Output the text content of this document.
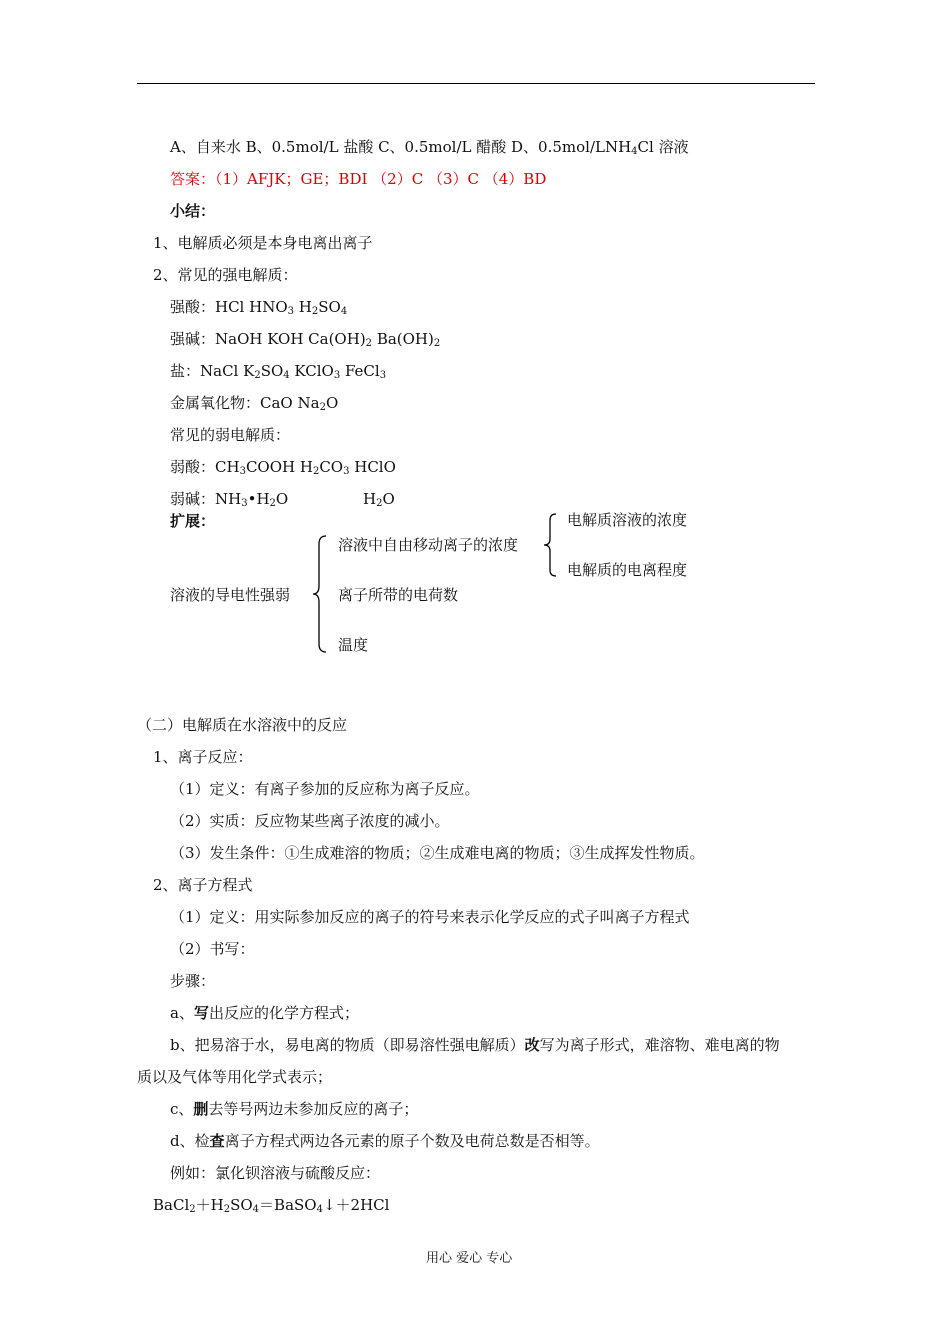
A、自来水 B、0.5mol/L 盐酸 C、0.5mol/L 醋酸 D、$0.5mol/LNH_4Cl$ 溶液
答案：（1）AFJK；GE；BDI （2）C （3）C （4）BD
小结：
1、电解质必须是本身电离出离子
2、常见的强电解质：
强酸：HCl $HNO_3$ $H_2SO_4$
强碱：NaOH KOH $Ca(OH)_2$ $Ba(OH)_2$
盐：NaCl $K_2SO_4$ KClO$_3$ FeCl$_3$
金属氧化物：CaO $Na_2O$
常见的弱电解质：
弱酸：$CH_3COOH$ $H_2CO_3$ HClO
弱碱：$NH_3•H_2O$	$H_2O$
扩展：
溶液的导电性强弱
溶液中自由移动离子的浓度
离子所带的电荷数
温度
电解质溶液的浓度
电解质的电离程度
（二）电解质在水溶液中的反应
1、离子反应：
（1）定义：有离子参加的反应称为离子反应。
（2）实质：反应物某些离子浓度的减小。
（3）发生条件：①生成难溶的物质；②生成难电离的物质；③生成挥发性物质。
2、离子方程式
（1）定义：用实际参加反应的离子的符号来表示化学反应的式子叫离子方程式
（2）书写：
步骤：
a、写出反应的化学方程式；
b、把易溶于水，易电离的物质（即易溶性强电解质）改写为离子形式，难溶物、难电离的物
质以及气体等用化学式表示；
c、删去等号两边未参加反应的离子；
d、检查离子方程式两边各元素的原子个数及电荷总数是否相等。
例如：氯化钡溶液与硫酸反应：
$BaCl_2+H_2SO_4=BaSO_4↓+2HCl$
用心 爱心 专心
